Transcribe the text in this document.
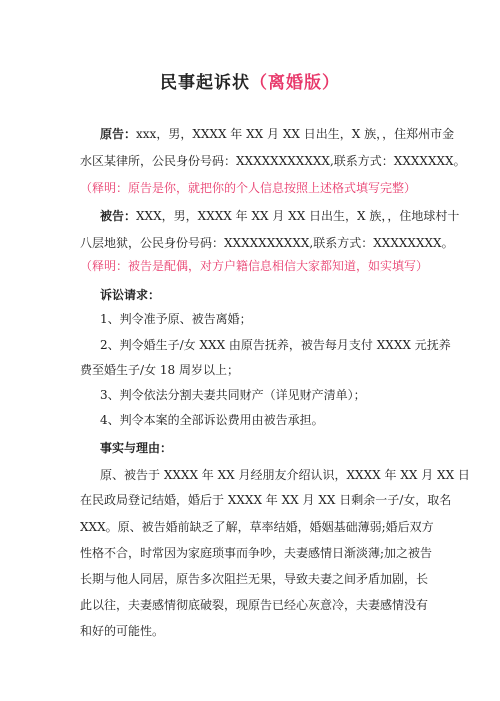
民事起诉状（离婚版）
原告：xxx，男，XXXX 年 XX 月 XX 日出生，X 族，，住郑州市金
水区某律所，公民身份号码：XXXXXXXXXXX,联系方式：XXXXXXX。
（释明：原告是你，就把你的个人信息按照上述格式填写完整）
被告：XXX，男，XXXX 年 XX 月 XX 日出生，X 族，，住地球村十
八层地狱，公民身份号码：XXXXXXXXXX,联系方式：XXXXXXXX。
（释明：被告是配偶，对方户籍信息相信大家都知道，如实填写）
诉讼请求：
1、判令准予原、被告离婚；
2、判令婚生子/女 XXX 由原告抚养，被告每月支付 XXXX 元抚养
费至婚生子/女 18 周岁以上；
3、判令依法分割夫妻共同财产（详见财产清单）；
4、判令本案的全部诉讼费用由被告承担。
事实与理由：
原、被告于 XXXX 年 XX 月经朋友介绍认识，XXXX 年 XX 月 XX 日
在民政局登记结婚，婚后于 XXXX 年 XX 月 XX 日剩余一子/女，取名
XXX。原、被告婚前缺乏了解，草率结婚，婚姻基础薄弱;婚后双方
性格不合，时常因为家庭琐事而争吵，夫妻感情日渐淡薄;加之被告
长期与他人同居，原告多次阻拦无果，导致夫妻之间矛盾加剧，长
此以往，夫妻感情彻底破裂，现原告已经心灰意冷，夫妻感情没有
和好的可能性。
